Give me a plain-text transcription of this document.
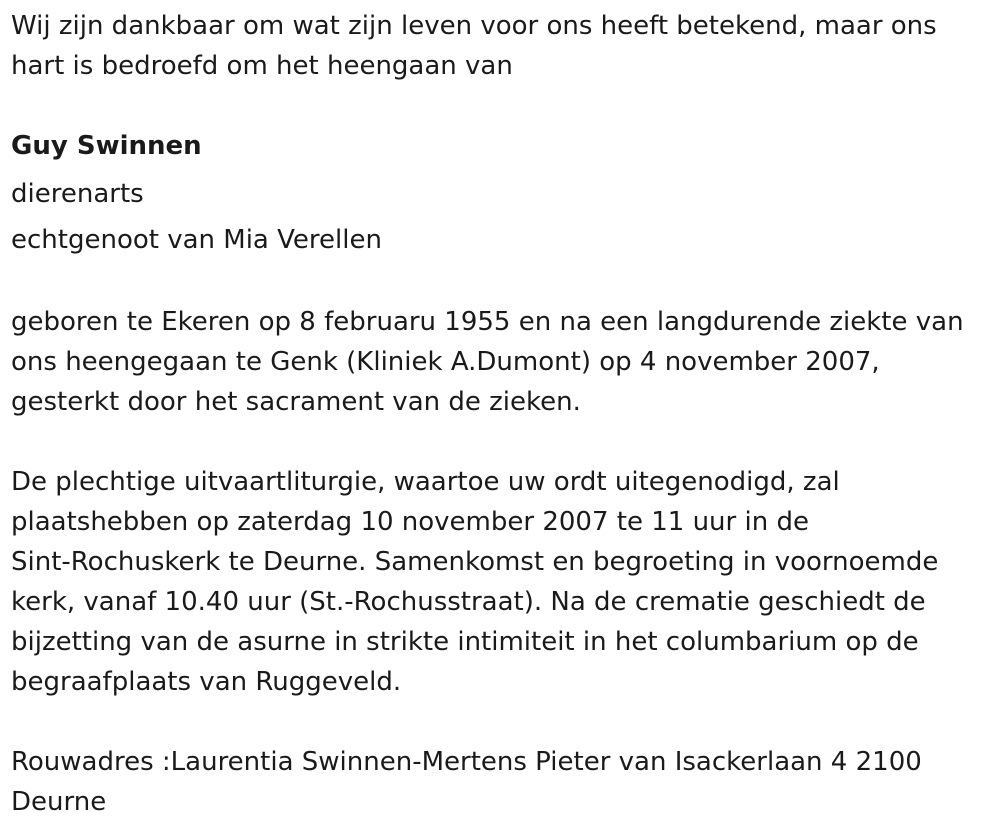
Wij zijn dankbaar om wat zijn leven voor ons heeft betekend, maar ons
hart is bedroefd om het heengaan van

Guy Swinnen

dierenarts

echtgenoot van Mia Verellen

geboren te Ekeren op 8 februaru 1955 en na een langdurende ziekte van
ons heengegaan te Genk (Kliniek A.Dumont) op 4 november 2007,
gesterkt door het sacrament van de zieken.

De plechtige uitvaartliturgie, waartoe uw ordt uitegenodigd, zal
plaatshebben op zaterdag 10 november 2007 te 11 uur in de
Sint-Rochuskerk te Deurne. Samenkomst en begroeting in voornoemde
kerk, vanaf 10.40 uur (St.-Rochusstraat). Na de crematie geschiedt de
bijzetting van de asurne in strikte intimiteit in het columbarium op de
begraafplaats van Ruggeveld.

Rouwadres :Laurentia Swinnen-Mertens Pieter van Isackerlaan 4 2100
Deurne
